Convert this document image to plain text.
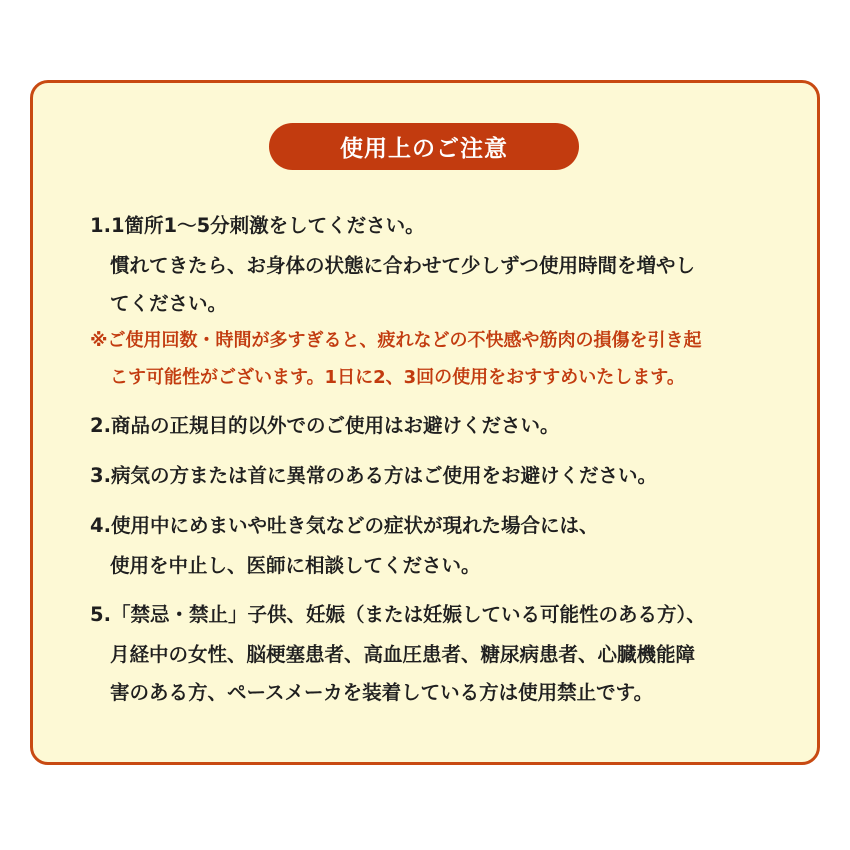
使用上のご注意
1.1箇所1～5分刺激をしてください。
慣れてきたら、お身体の状態に合わせて少しずつ使用時間を増やし
てください。
※ご使用回数・時間が多すぎると、疲れなどの不快感や筋肉の損傷を引き起
こす可能性がございます。1日に2、3回の使用をおすすめいたします。
2.商品の正規目的以外でのご使用はお避けください。
3.病気の方または首に異常のある方はご使用をお避けください。
4.使用中にめまいや吐き気などの症状が現れた場合には、
使用を中止し、医師に相談してください。
5.「禁忌・禁止」子供、妊娠（または妊娠している可能性のある方）、
月経中の女性、脳梗塞患者、高血圧患者、糖尿病患者、心臓機能障
害のある方、ペースメーカを装着している方は使用禁止です。
